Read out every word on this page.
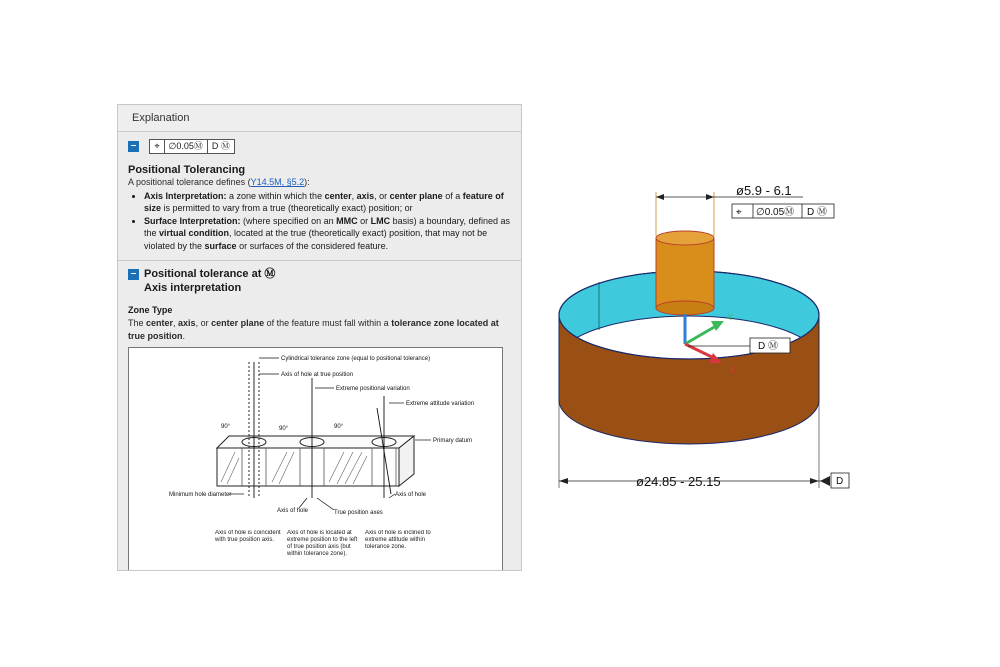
Explanation
–	⌖	∅0.05Ⓜ	D Ⓜ
Positional Tolerancing
A positional tolerance defines (Y14.5M, §5.2):
• Axis Interpretation: a zone within which the center, axis, or center plane of a feature of size is permitted to vary from a true (theoretically exact) position; or
• Surface Interpretation: (where specified on an MMC or LMC basis) a boundary, defined as the virtual condition, located at the true (theoretically exact) position, that may not be violated by the surface or surfaces of the considered feature.
– Positional tolerance at Ⓜ
Axis interpretation
Zone Type
The center, axis, or center plane of the feature must fall within a tolerance zone located at true position.
Cylindrical tolerance zone (equal to positional tolerance)
Axis of hole at true position
Extreme positional variation
Extreme attitude variation
Primary datum
Minimum hole diameter
Axis of hole	True position axes
Axis of hole
90°	90°	90°
Axis of hole is coincident with true position axis.
Axis of hole is located at extreme position to the left of true position axis (but within tolerance zone).
Axis of hole is inclined to extreme attitude within tolerance zone.
Y
X
ø5.9 - 6.1
⌖ ∅0.05Ⓜ D Ⓜ
D Ⓜ
ø24.85 - 25.15	D
